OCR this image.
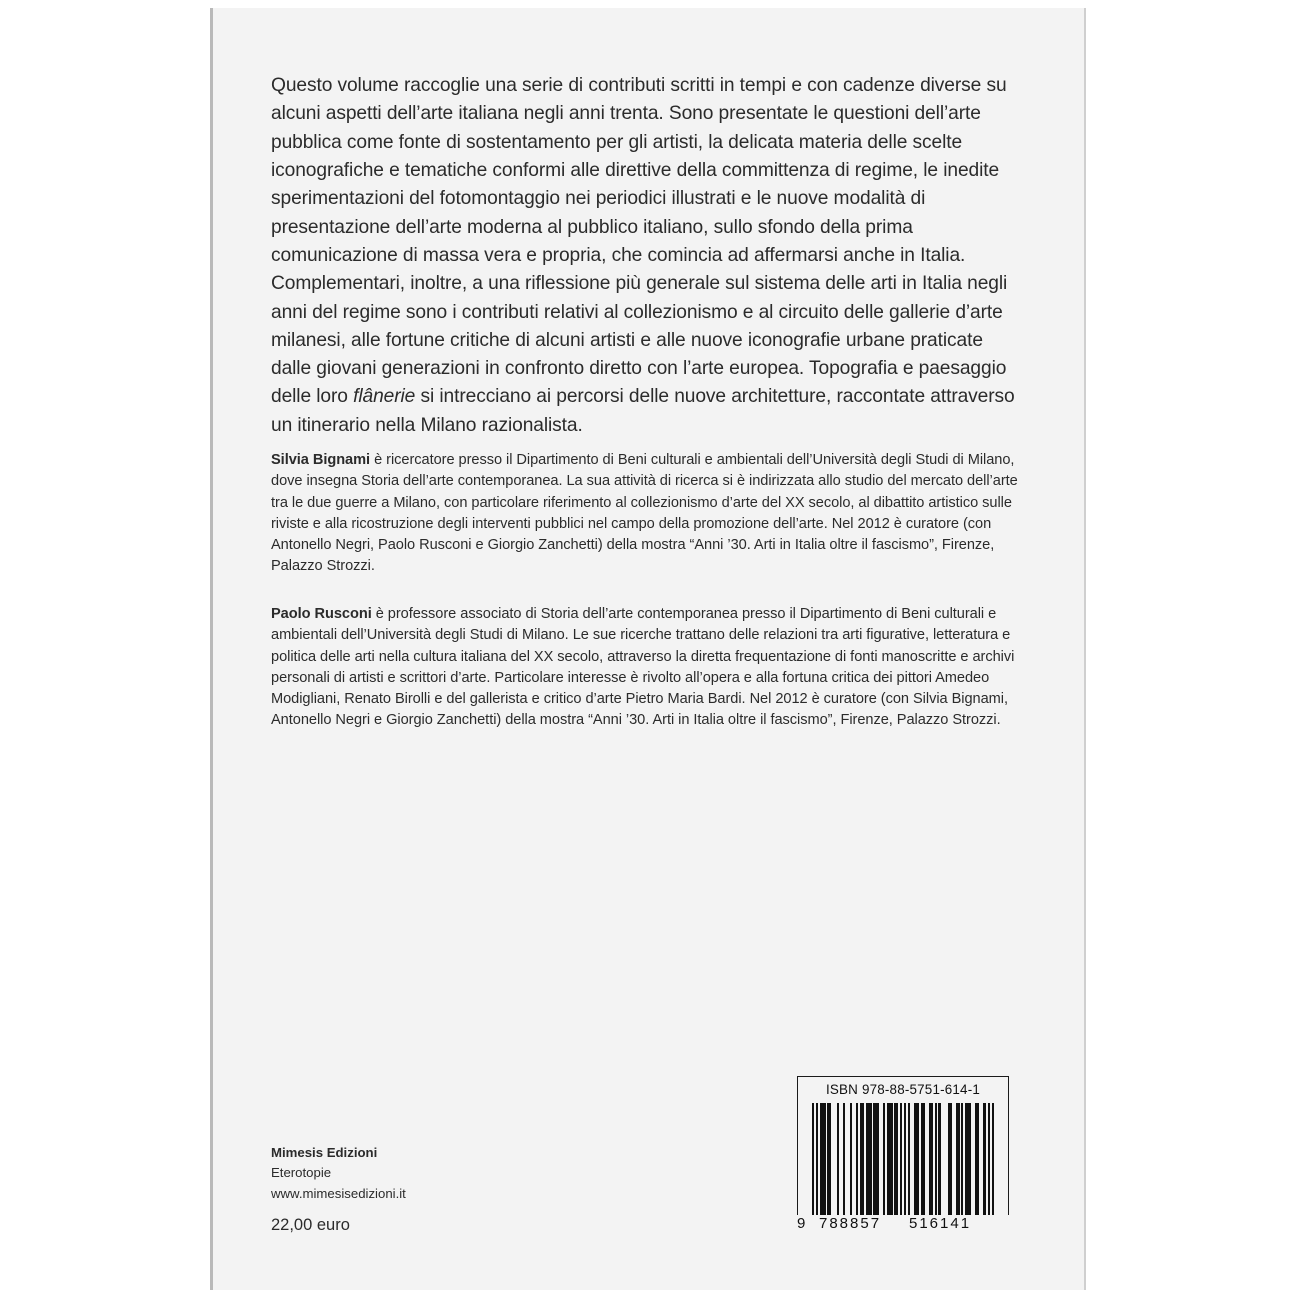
Questo volume raccoglie una serie di contributi scritti in tempi e con cadenze diverse su alcuni aspetti dell’arte italiana negli anni trenta. Sono presentate le questioni dell’arte pubblica come fonte di sostentamento per gli artisti, la delicata materia delle scelte iconografiche e tematiche conformi alle direttive della committenza di regime, le inedite sperimentazioni del fotomontaggio nei periodici illustrati e le nuove modalità di presentazione dell’arte moderna al pubblico italiano, sullo sfondo della prima comunicazione di massa vera e propria, che comincia ad affermarsi anche in Italia. Complementari, inoltre, a una riflessione più generale sul sistema delle arti in Italia negli anni del regime sono i contributi relativi al collezionismo e al circuito delle gallerie d’arte milanesi, alle fortune critiche di alcuni artisti e alle nuove iconografie urbane praticate dalle giovani generazioni in confronto diretto con l’arte europea. Topografia e paesaggio delle loro flânerie si intrecciano ai percorsi delle nuove architetture, raccontate attraverso un itinerario nella Milano razionalista.
Silvia Bignami è ricercatore presso il Dipartimento di Beni culturali e ambientali dell’Università degli Studi di Milano, dove insegna Storia dell’arte contemporanea. La sua attività di ricerca si è indirizzata allo studio del mercato dell’arte tra le due guerre a Milano, con particolare riferimento al collezionismo d’arte del XX secolo, al dibattito artistico sulle riviste e alla ricostruzione degli interventi pubblici nel campo della promozione dell’arte. Nel 2012 è curatore (con Antonello Negri, Paolo Rusconi e Giorgio Zanchetti) della mostra “Anni ’30. Arti in Italia oltre il fascismo”, Firenze, Palazzo Strozzi.
Paolo Rusconi è professore associato di Storia dell’arte contemporanea presso il Dipartimento di Beni culturali e ambientali dell’Università degli Studi di Milano. Le sue ricerche trattano delle relazioni tra arti figurative, letteratura e politica delle arti nella cultura italiana del XX secolo, attraverso la diretta frequentazione di fonti manoscritte e archivi personali di artisti e scrittori d’arte. Particolare interesse è rivolto all’opera e alla fortuna critica dei pittori Amedeo Modigliani, Renato Birolli e del gallerista e critico d’arte Pietro Maria Bardi. Nel 2012 è curatore (con Silvia Bignami, Antonello Negri e Giorgio Zanchetti) della mostra “Anni ’30. Arti in Italia oltre il fascismo”, Firenze, Palazzo Strozzi.
Mimesis Edizioni
Eterotopie
www.mimesisedizioni.it
22,00 euro
ISBN 978-88-5751-614-1
9 788857 516141
